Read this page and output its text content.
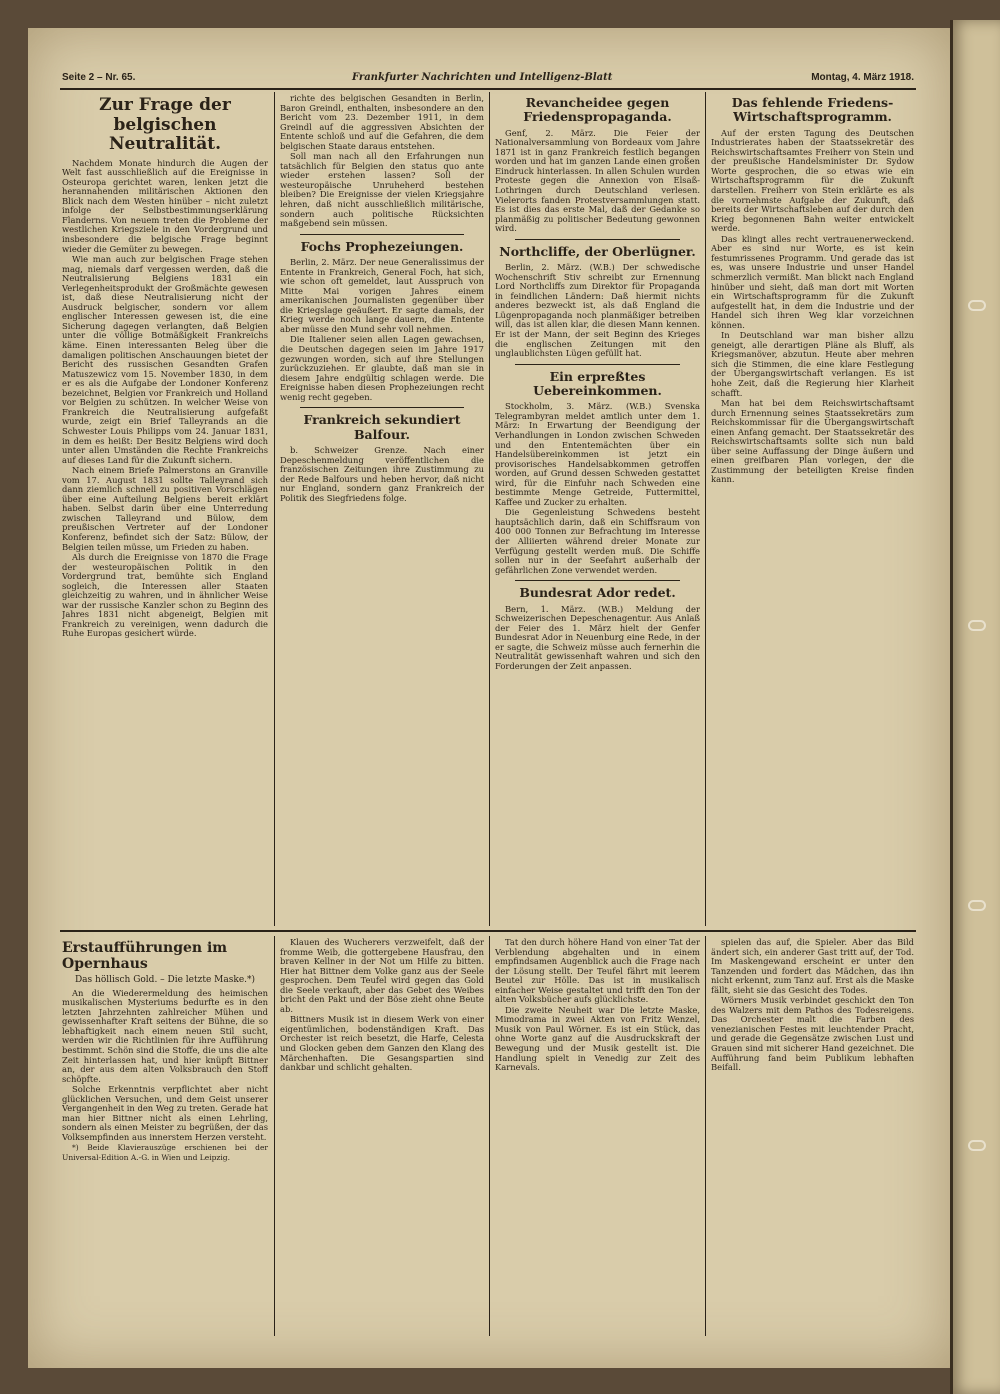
Seite 2 – Nr. 65.	Frankfurter Nachrichten und Intelligenz-Blatt	Montag, 4. März 1918.
Zur Frage der belgischen Neutralität.

Nachdem Monate hindurch die Augen der Welt fast ausschließlich auf die Ereignisse in Osteuropa gerichtet waren, lenken jetzt die herannahenden militärischen Aktionen den Blick nach dem Westen hinüber – nicht zuletzt infolge der Selbstbestimmungserklärung Flanderns. Von neuem treten die Probleme der westlichen Kriegsziele in den Vordergrund und insbesondere die belgische Frage beginnt wieder die Gemüter zu bewegen.

Wie man auch zur belgischen Frage stehen mag, niemals darf vergessen werden, daß die Neutralisierung Belgiens 1831 ein Verlegenheitsprodukt der Großmächte gewesen ist, daß diese Neutralisierung nicht der Ausdruck belgischer, sondern vor allem englischer Interessen gewesen ist, die eine Sicherung dagegen verlangten, daß Belgien unter die völlige Botmäßigkeit Frankreichs käme. Einen interessanten Beleg über die damaligen politischen Anschauungen bietet der Bericht des russischen Gesandten Grafen Matuszewicz vom 15. November 1830, in dem er es als die Aufgabe der Londoner Konferenz bezeichnet, Belgien vor Frankreich und Holland vor Belgien zu schützen. In welcher Weise von Frankreich die Neutralisierung aufgefaßt wurde, zeigt ein Brief Talleyrands an die Schwester Louis Philipps vom 24. Januar 1831, in dem es heißt: Der Besitz Belgiens wird doch unter allen Umständen die Rechte Frankreichs auf dieses Land für die Zukunft sichern.

Nach einem Briefe Palmerstons an Granville vom 17. August 1831 sollte Talleyrand sich dann ziemlich schnell zu positiven Vorschlägen über eine Aufteilung Belgiens bereit erklärt haben. Selbst darin über eine Unterredung zwischen Talleyrand und Bülow, dem preußischen Vertreter auf der Londoner Konferenz, befindet sich der Satz: Bülow, der Belgien teilen müsse, um Frieden zu haben.

Als durch die Ereignisse von 1870 die Frage der westeuropäischen Politik in den Vordergrund trat, bemühte sich England sogleich, die Interessen aller Staaten gleichzeitig zu wahren, und in ähnlicher Weise war der russische Kanzler schon zu Beginn des Jahres 1831 nicht abgeneigt, Belgien mit Frankreich zu vereinigen, wenn dadurch die Ruhe Europas gesichert würde.

richte des belgischen Gesandten in Berlin, Baron Greindl, enthalten, insbesondere an den Bericht vom 23. Dezember 1911, in dem Greindl auf die aggressiven Absichten der Entente schloß und auf die Gefahren, die dem belgischen Staate daraus entstehen.

Soll man nach all den Erfahrungen nun tatsächlich für Belgien den status quo ante wieder erstehen lassen? Soll der westeuropäische Unruheherd bestehen bleiben? Die Ereignisse der vielen Kriegsjahre lehren, daß nicht ausschließlich militärische, sondern auch politische Rücksichten maßgebend sein müssen.

Fochs Prophezeiungen.

Berlin, 2. März. Der neue Generalissimus der Entente in Frankreich, General Foch, hat sich, wie schon oft gemeldet, laut Ausspruch von Mitte Mai vorigen Jahres einem amerikanischen Journalisten gegenüber über die Kriegslage geäußert. Er sagte damals, der Krieg werde noch lange dauern, die Entente aber müsse den Mund sehr voll nehmen.

Die Italiener seien allen Lagen gewachsen, die Deutschen dagegen seien im Jahre 1917 gezwungen worden, sich auf ihre Stellungen zurückzuziehen. Er glaubte, daß man sie in diesem Jahre endgültig schlagen werde. Die Ereignisse haben diesen Prophezeiungen recht wenig recht gegeben.

Frankreich sekundiert Balfour.

b. Schweizer Grenze. Nach einer Depeschenmeldung veröffentlichen die französischen Zeitungen ihre Zustimmung zu der Rede Balfours und heben hervor, daß nicht nur England, sondern ganz Frankreich der Politik des Siegfriedens folge.

Revancheidee gegen Friedenspropaganda.

Genf, 2. März. Die Feier der Nationalversammlung von Bordeaux vom Jahre 1871 ist in ganz Frankreich festlich begangen worden und hat im ganzen Lande einen großen Eindruck hinterlassen. In allen Schulen wurden Proteste gegen die Annexion von Elsaß-Lothringen durch Deutschland verlesen. Vielerorts fanden Protestversammlungen statt. Es ist dies das erste Mal, daß der Gedanke so planmäßig zu politischer Bedeutung gewonnen wird.

Northcliffe, der Oberlügner.

Berlin, 2. März. (W.B.) Der schwedische Wochenschrift Stiv schreibt zur Ernennung Lord Northcliffs zum Direktor für Propaganda in feindlichen Ländern: Daß hiermit nichts anderes bezweckt ist, als daß England die Lügenpropaganda noch planmäßiger betreiben will, das ist allen klar, die diesen Mann kennen. Er ist der Mann, der seit Beginn des Krieges die englischen Zeitungen mit den unglaublichsten Lügen gefüllt hat.

Ein erpreßtes Uebereinkommen.

Stockholm, 3. März. (W.B.) Svenska Telegrambyran meldet amtlich unter dem 1. März: In Erwartung der Beendigung der Verhandlungen in London zwischen Schweden und den Ententemächten über ein Handelsübereinkommen ist jetzt ein provisorisches Handelsabkommen getroffen worden, auf Grund dessen Schweden gestattet wird, für die Einfuhr nach Schweden eine bestimmte Menge Getreide, Futtermittel, Kaffee und Zucker zu erhalten.

Die Gegenleistung Schwedens besteht hauptsächlich darin, daß ein Schiffsraum von 400 000 Tonnen zur Befrachtung im Interesse der Alliierten während dreier Monate zur Verfügung gestellt werden muß. Die Schiffe sollen nur in der Seefahrt außerhalb der gefährlichen Zone verwendet werden.

Bundesrat Ador redet.

Bern, 1. März. (W.B.) Meldung der Schweizerischen Depeschenagentur. Aus Anlaß der Feier des 1. März hielt der Genfer Bundesrat Ador in Neuenburg eine Rede, in der er sagte, die Schweiz müsse auch fernerhin die Neutralität gewissenhaft wahren und sich den Forderungen der Zeit anpassen.

Das fehlende Friedens-Wirtschaftsprogramm.

Auf der ersten Tagung des Deutschen Industrierates haben der Staatssekretär des Reichswirtschaftsamtes Freiherr von Stein und der preußische Handelsminister Dr. Sydow Worte gesprochen, die so etwas wie ein Wirtschaftsprogramm für die Zukunft darstellen. Freiherr von Stein erklärte es als die vornehmste Aufgabe der Zukunft, daß bereits der Wirtschaftsleben auf der durch den Krieg begonnenen Bahn weiter entwickelt werde.

Das klingt alles recht vertrauenerweckend. Aber es sind nur Worte, es ist kein festumrissenes Programm. Und gerade das ist es, was unsere Industrie und unser Handel schmerzlich vermißt. Man blickt nach England hinüber und sieht, daß man dort mit Worten ein Wirtschaftsprogramm für die Zukunft aufgestellt hat, in dem die Industrie und der Handel sich ihren Weg klar vorzeichnen können.

In Deutschland war man bisher allzu geneigt, alle derartigen Pläne als Bluff, als Kriegsmanöver, abzutun. Heute aber mehren sich die Stimmen, die eine klare Festlegung der Übergangswirtschaft verlangen. Es ist hohe Zeit, daß die Regierung hier Klarheit schafft.

Man hat bei dem Reichswirtschaftsamt durch Ernennung seines Staatssekretärs zum Reichskommissar für die Übergangswirtschaft einen Anfang gemacht. Der Staatssekretär des Reichswirtschaftsamts sollte sich nun bald über seine Auffassung der Dinge äußern und einen greifbaren Plan vorlegen, der die Zustimmung der beteiligten Kreise finden kann.

Erstaufführungen im Opernhaus
Das höllisch Gold. – Die letzte Maske.*)

An die Wiederermeldung des heimischen musikalischen Mysteriums bedurfte es in den letzten Jahrzehnten zahlreicher Mühen und gewissenhafter Kraft seitens der Bühne, die so lebhaftigkeit nach einem neuen Stil sucht, werden wir die Richtlinien für ihre Aufführung bestimmt. Schön sind die Stoffe, die uns die alte Zeit hinterlassen hat, und hier knüpft Bittner an, der aus dem alten Volksbrauch den Stoff schöpfte.

Solche Erkenntnis verpflichtet aber nicht glücklichen Versuchen, und dem Geist unserer Vergangenheit in den Weg zu treten. Gerade hat man hier Bittner nicht als einen Lehrling, sondern als einen Meister zu begrüßen, der das Volksempfinden aus innerstem Herzen versteht.

*) Beide Klavierauszüge erschienen bei der Universal-Edition A.-G. in Wien und Leipzig.

Klauen des Wucherers verzweifelt, daß der fromme Weib, die gottergebene Hausfrau, den braven Kellner in der Not um Hilfe zu bitten. Hier hat Bittner dem Volke ganz aus der Seele gesprochen. Dem Teufel wird gegen das Gold die Seele verkauft, aber das Gebet des Weibes bricht den Pakt und der Böse zieht ohne Beute ab.

Bittners Musik ist in diesem Werk von einer eigentümlichen, bodenständigen Kraft. Das Orchester ist reich besetzt, die Harfe, Celesta und Glocken geben dem Ganzen den Klang des Märchenhaften. Die Gesangspartien sind dankbar und schlicht gehalten.

Tat den durch höhere Hand von einer Tat der Verblendung abgehalten und in einem empfindsamen Augenblick auch die Frage nach der Lösung stellt. Der Teufel fährt mit leerem Beutel zur Hölle. Das ist in musikalisch einfacher Weise gestaltet und trifft den Ton der alten Volksbücher aufs glücklichste.

Die zweite Neuheit war Die letzte Maske, Mimodrama in zwei Akten von Fritz Wenzel, Musik von Paul Wörner. Es ist ein Stück, das ohne Worte ganz auf die Ausdruckskraft der Bewegung und der Musik gestellt ist. Die Handlung spielt in Venedig zur Zeit des Karnevals.

spielen das auf, die Spieler. Aber das Bild ändert sich, ein anderer Gast tritt auf, der Tod. Im Maskengewand erscheint er unter den Tanzenden und fordert das Mädchen, das ihn nicht erkennt, zum Tanz auf. Erst als die Maske fällt, sieht sie das Gesicht des Todes.

Wörners Musik verbindet geschickt den Ton des Walzers mit dem Pathos des Todesreigens. Das Orchester malt die Farben des venezianischen Festes mit leuchtender Pracht, und gerade die Gegensätze zwischen Lust und Grauen sind mit sicherer Hand gezeichnet. Die Aufführung fand beim Publikum lebhaften Beifall.
